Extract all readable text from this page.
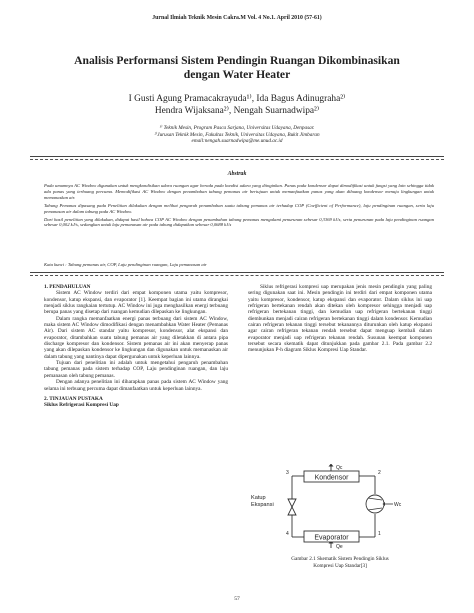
Jurnal Ilmiah Teknik Mesin Cakra.M Vol. 4 No.1. April 2010 (57-61)
Analisis Performansi Sistem Pendingin Ruangan Dikombinasikan
dengan Water Heater
I Gusti Agung Pramacakrayuda¹⁾, Ida Bagus Adinugraha²⁾
Hendra Wijaksana²⁾, Nengah Suarnadwipa²⁾
¹⁾ Teknik Mesin, Program Pasca Sarjana, Universitas Udayana, Denpasar.
²⁾Jurusan Teknik Mesin, Fakultas Teknik, Universitas Udayana, Bukit Jimbaran
email:nengah.suarnadwipa@me.unud.ac.id
Abstrak

Pada umumnya AC Window digunakan untuk mengkondisikan udara ruangan agar berada pada kondisi udara yang diinginkan. Panas pada kondensor dapat dimodifikasi untuk fungsi yang lain sehingga tidak ada panas yang terbuang percuma. Memodifikasi AC Window dengan penambahan tabung pemanas air bertujuan untuk memanfaatkan panas yang akan dibuang kondensor menuju lingkungan untuk memanaskan air.

Tabung Pemanas dipasang pada Penelitian dilakukan dengan melihat pengaruh penambahan suatu tabung pemanas air terhadap COP (Coefficient of Performance), laju pendinginan ruangan, serta laju pemanasan air dalam tabung pada AC Window.

Dari hasil penelitian yang dilakukan, didapat hasil bahwa COP AC Window dengan penambahan tabung pemanas mengalami penurunan sebesar 0,3369 kJ/s, serta penurunan pada laju pendinginan ruangan sebesar 0,002 kJ/s, sedangkan untuk laju pemanasan air pada tabung didapatkan sebesar 0,0688 kJ/s

Kata kunci : Tabung pemanas air, COP, Laju pendinginan ruangan, Laju pemanasan air
1. PENDAHULUAN

Sistem AC Window terdiri dari empat komponen utama yaitu kompresor, kondensor, katup ekspansi, dan evaporator [1]. Keempat bagian ini utama dirangkai menjadi siklus rangkaian tertutup. AC Window ini juga menghasilkan energi terbuang berupa panas yang disetap dari ruangan kemudian dilepaskan ke lingkungan.

Dalam rangka memanfaatkan energi panas terbuang dari sistem AC Window, maka sistem AC Window dimodifikasi dengan menambahkan Water Heater (Pemanas Air). Dari sistem AC standar yaitu kompresor, kondensor, alat ekspansi dan evaporator, ditambahkan suatu tabung pemanas air yang diletakkan di antara pipa discharge kompresor dan kondensor. Sistem pemanas air ini akan menyerap panas yang akan dilepaskan kondensor ke lingkungan dan digunakan untuk memanaskan air dalam tabung yang nantinya dapat dipergunakan untuk keperluan lainnya.

Tujuan dari penelitian ini adalah untuk mengetahui pengaruh penambahan tabung pemanas pada sistem terhadap COP, Laju pendinginan ruangan, dan laju pemanasan oleh tabung pemanas.

Dengan adanya penelitian ini diharapkan panas pada sistem AC Window yang selama ini terbuang percuma dapat dimanfaatkan untuk keperluan lainnya.

2. TINJAUAN PUSTAKA
Siklus Refrigerasi Kompresi Uap

Siklus refrigerasi kompresi uap merupakan jenis mesin pendingin yang paling sering digunakan saat ini. Mesin pendingin ini terdiri dari empat komponen utama yaitu kompresor, kondensor, katup ekspansi dan evaporator. Dalam siklus ini uap refrigeran bertekanan rendah akan ditekan oleh kompresor sehingga menjadi uap refrigeran bertekanan tinggi, dan kemudian uap refrigeran bertekanan tinggi diembunkan menjadi cairan refrigeran bertekanan tinggi dalam kondensor. Kemudian cairan refrigeran tekanan tinggi tersebut tekanannya diturunkan oleh katup ekspansi agar cairan refrigeran tekanan rendah tersebut dapat menguap kembali dalam evaporator menjadi uap refrigeran tekanan rendah. Susunan keempat komponen tersebut secara skematik dapat ditunjukkan pada gambar 2.1. Pada gambar 2.2 menunjukan P-h diagram Siklus Kompresi Uap Standar.

Kondensor
Evaporator
Katup
Ekspansi
Qc
Qe
Wc
2
1
3
4
Gambar 2.1 Skematik Sistem Pendingin Siklus
Kompresi Uap Standar[3]
57
